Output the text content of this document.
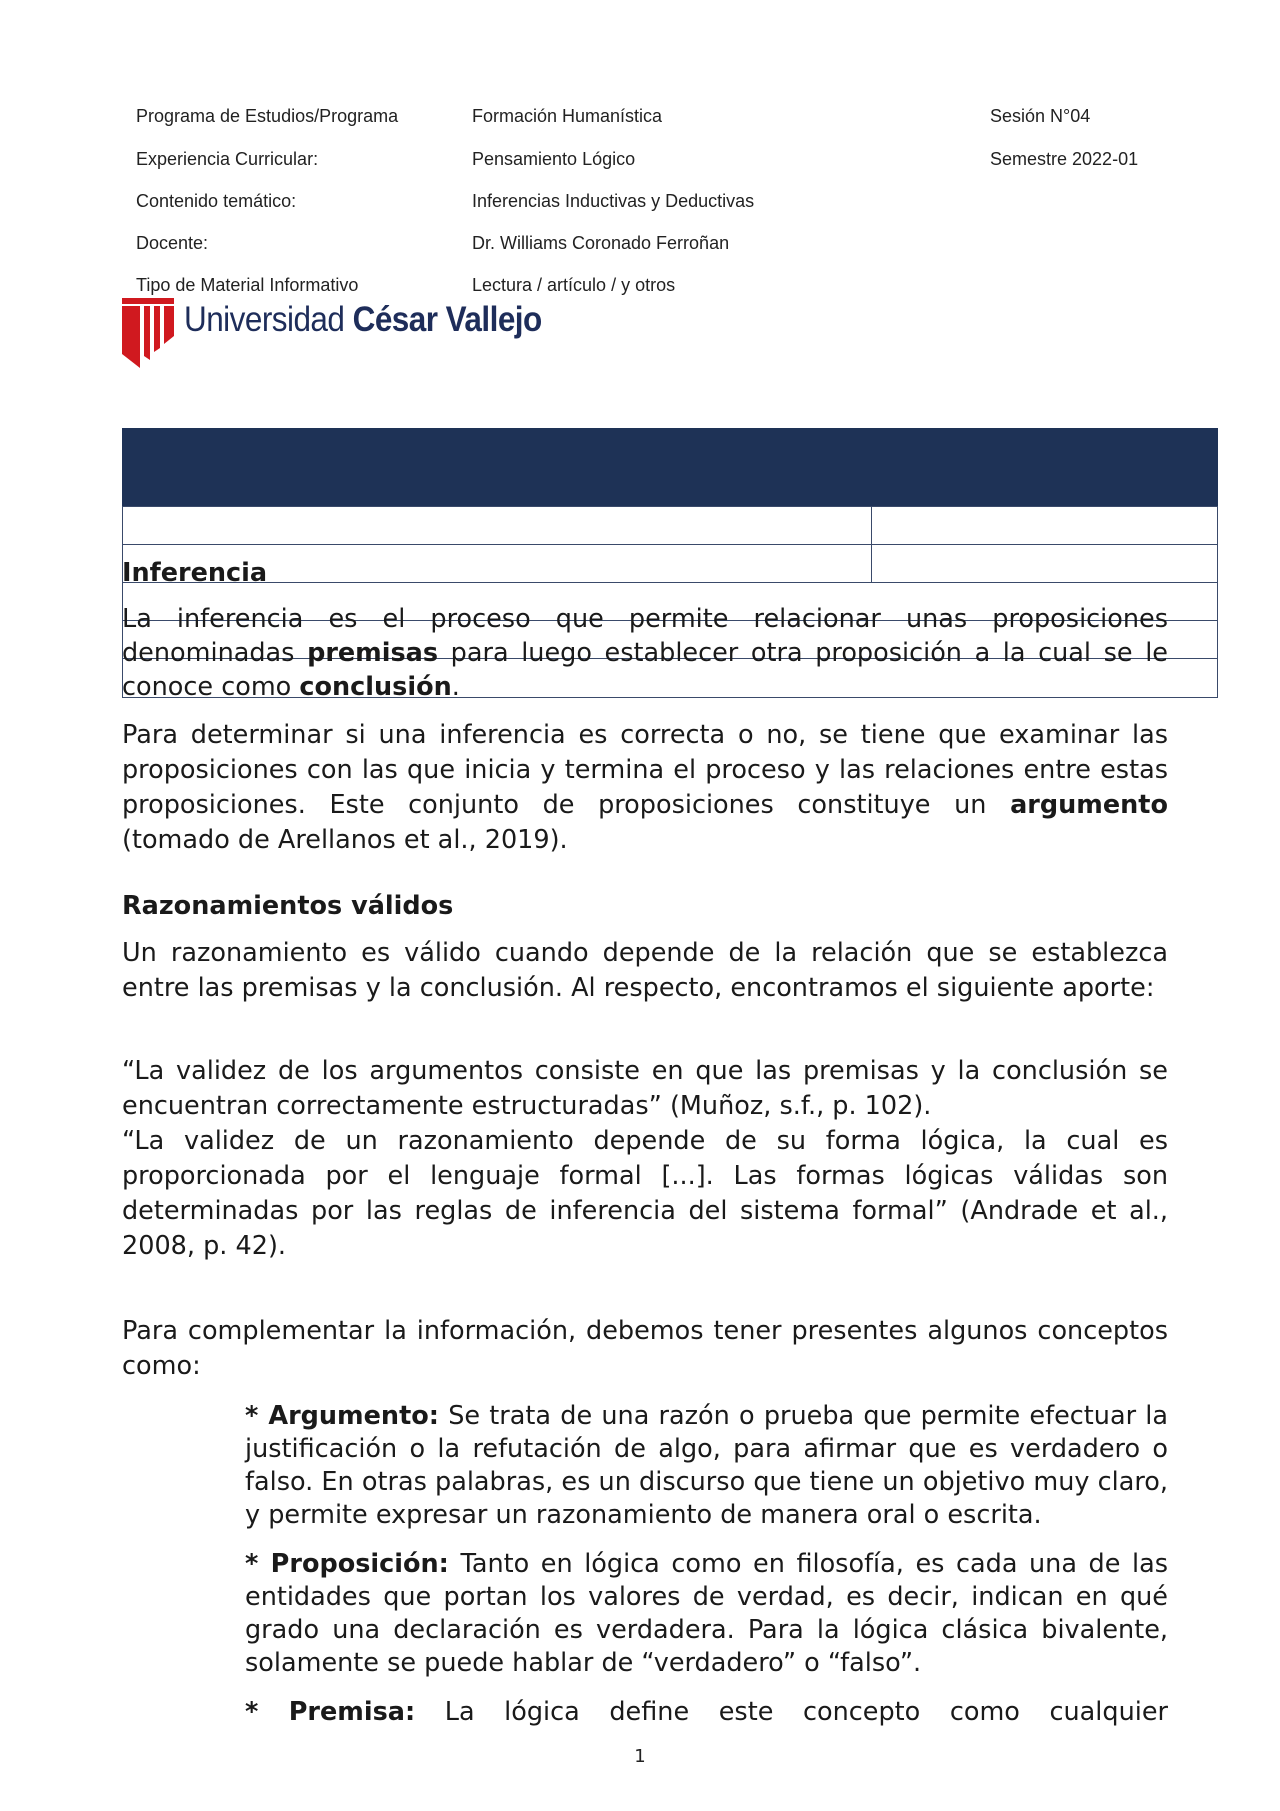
Programa de Estudios/Programa	Formación Humanística	Sesión N°04
Experiencia Curricular:	Pensamiento Lógico	Semestre 2022-01
Contenido temático:	Inferencias Inductivas y Deductivas
Docente:	Dr. Williams Coronado Ferroñan
Tipo de Material Informativo	Lectura / artículo / y otros
Universidad César Vallejo
Inferencia
La inferencia es el proceso que permite relacionar unas proposiciones denominadas premisas para luego establecer otra proposición a la cual se le conoce como conclusión.
Para determinar si una inferencia es correcta o no, se tiene que examinar las proposiciones con las que inicia y termina el proceso y las relaciones entre estas proposiciones. Este conjunto de proposiciones constituye un argumento (tomado de Arellanos et al., 2019).
Razonamientos válidos
Un razonamiento es válido cuando depende de la relación que se establezca entre las premisas y la conclusión. Al respecto, encontramos el siguiente aporte:
“La validez de los argumentos consiste en que las premisas y la conclusión se encuentran correctamente estructuradas” (Muñoz, s.f., p. 102).
“La validez de un razonamiento depende de su forma lógica, la cual es proporcionada por el lenguaje formal [...]. Las formas lógicas válidas son determinadas por las reglas de inferencia del sistema formal” (Andrade et al., 2008, p. 42).
Para complementar la información, debemos tener presentes algunos conceptos como:
* Argumento: Se trata de una razón o prueba que permite efectuar la justificación o la refutación de algo, para afirmar que es verdadero o falso. En otras palabras, es un discurso que tiene un objetivo muy claro, y permite expresar un razonamiento de manera oral o escrita.
* Proposición: Tanto en lógica como en filosofía, es cada una de las entidades que portan los valores de verdad, es decir, indican en qué grado una declaración es verdadera. Para la lógica clásica bivalente, solamente se puede hablar de “verdadero” o “falso”.
* Premisa: La lógica define este concepto como cualquier
1
